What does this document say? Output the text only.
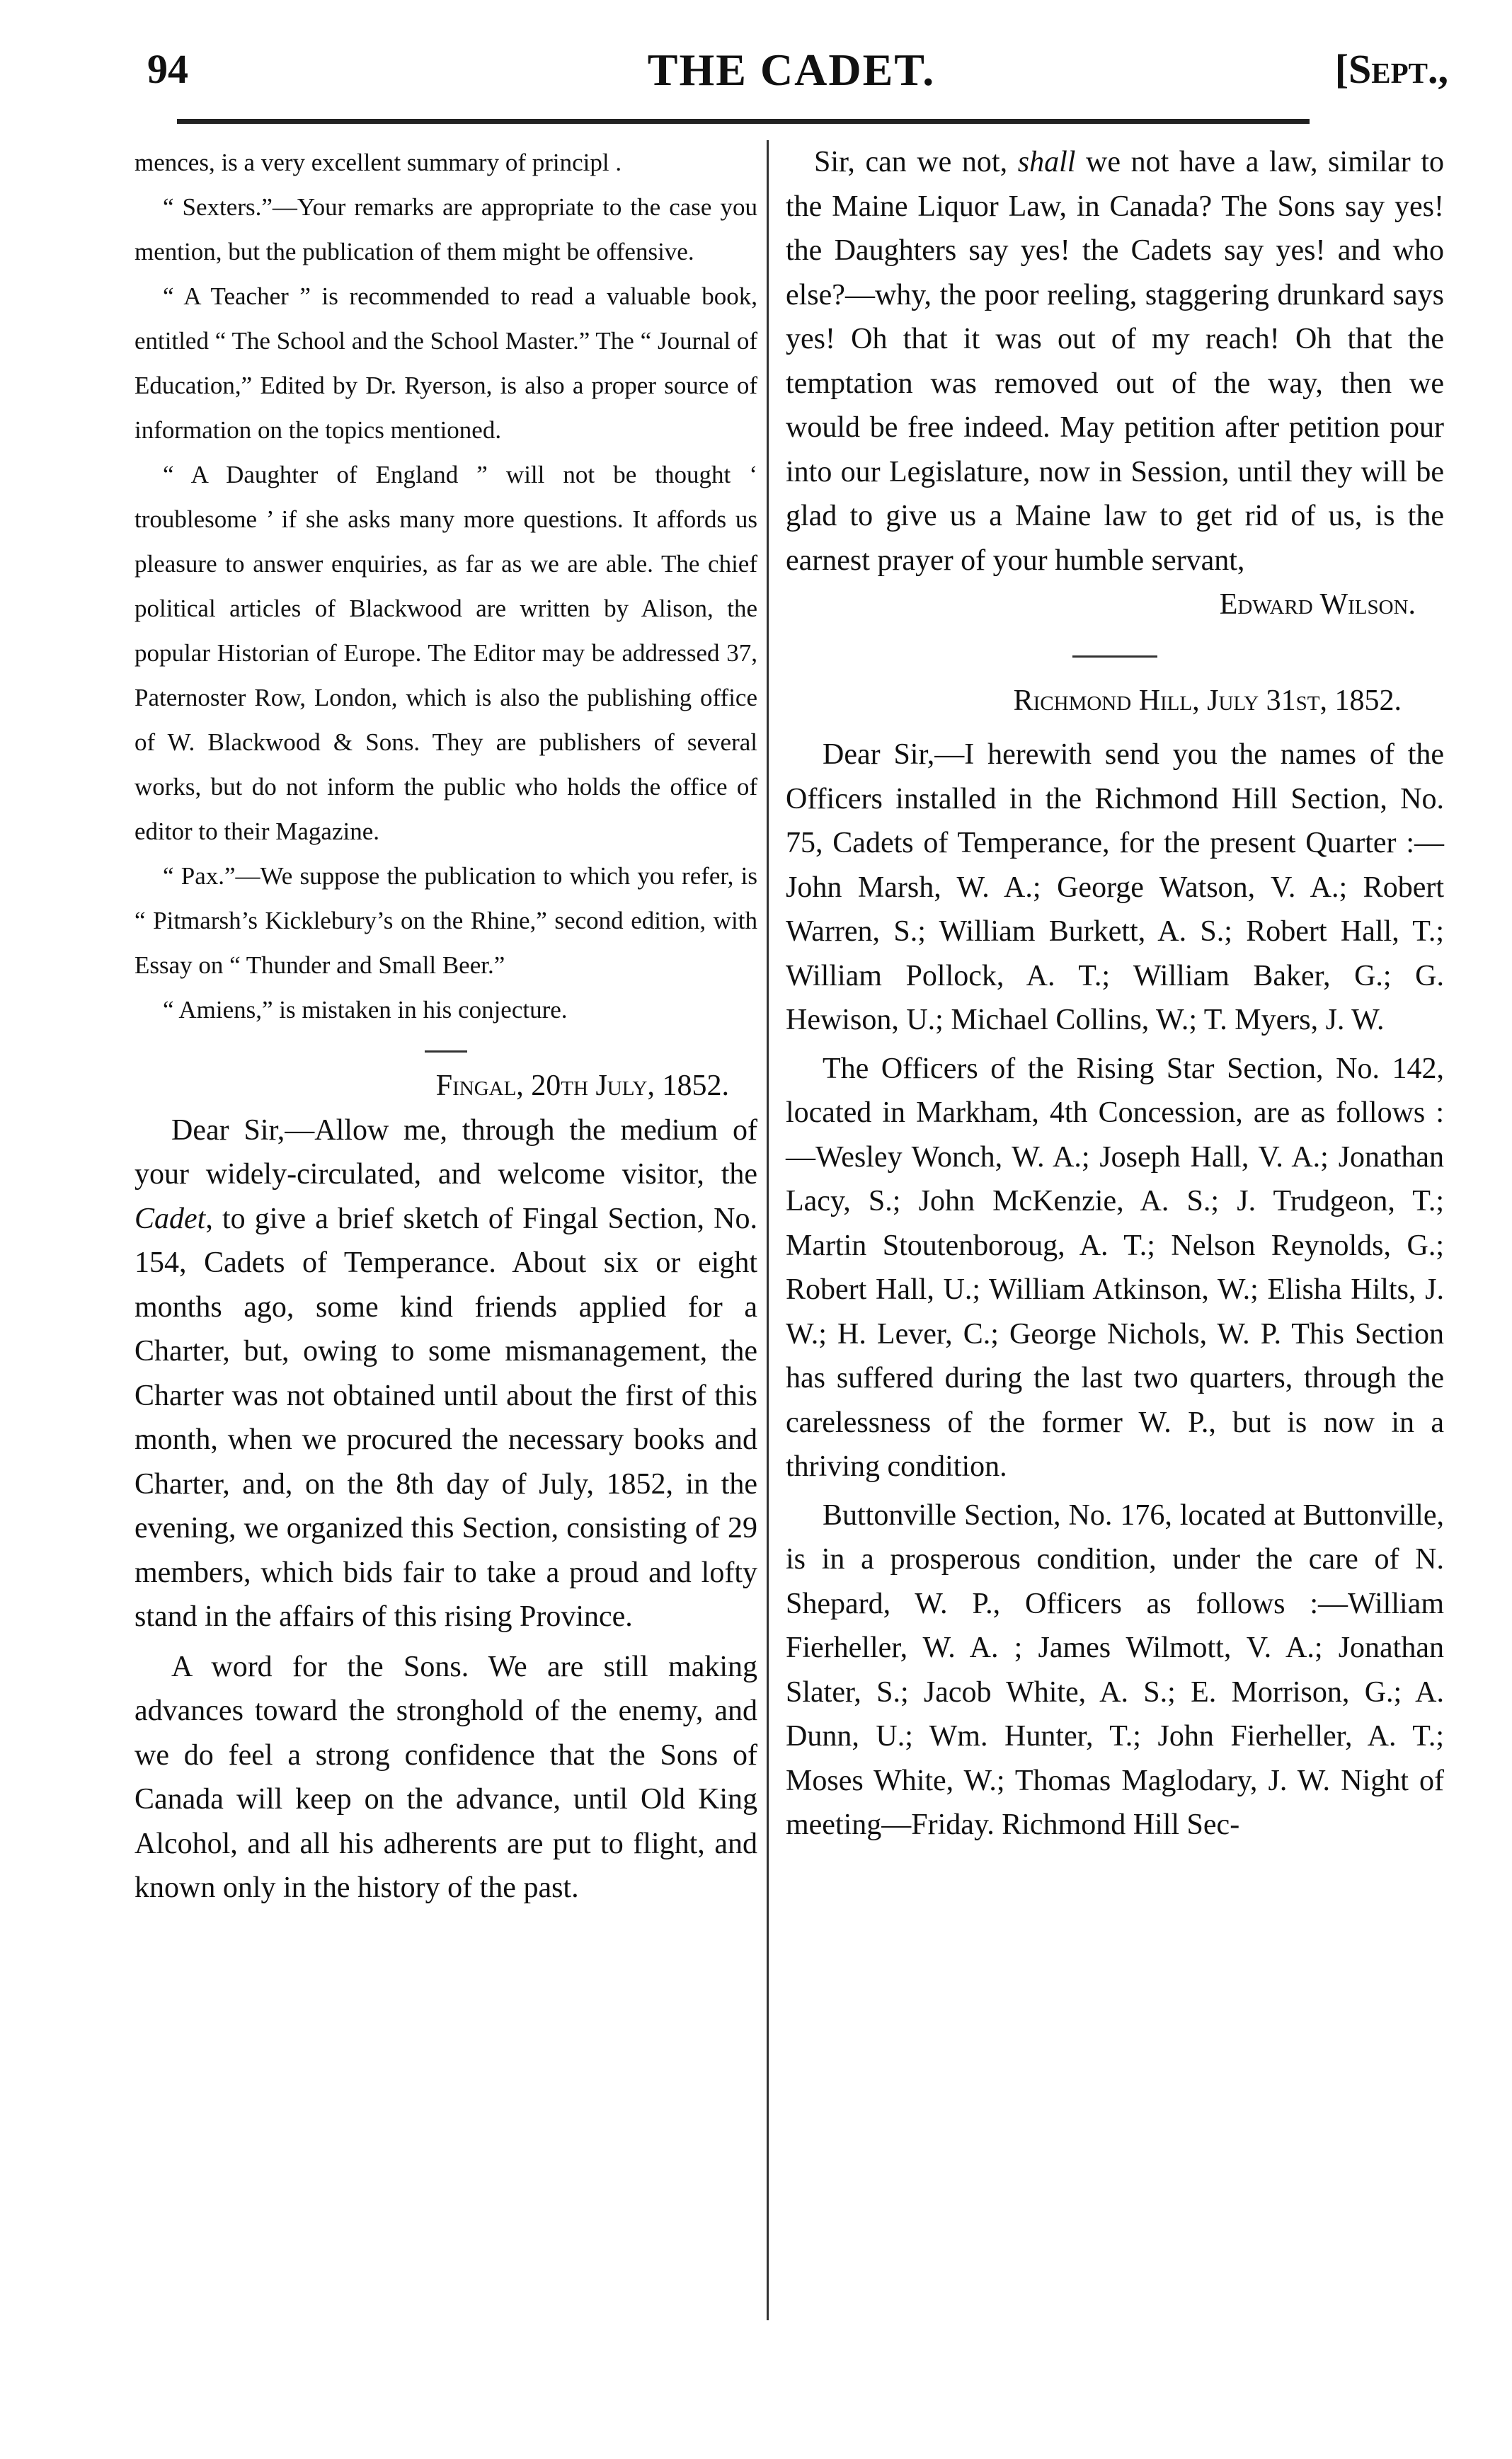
94	THE CADET.	[Sept.,

mences, is a very excellent summary of principl .

“ Sexters.”—Your remarks are appropriate to the case you mention, but the publication of them might be offensive.

“ A Teacher ” is recommended to read a valuable book, entitled “ The School and the School Master.” The “ Journal of Education,” Edited by Dr. Ryerson, is also a proper source of information on the topics mentioned.

“ A Daughter of England ” will not be thought ‘ troublesome ’ if she asks many more questions. It affords us pleasure to answer enquiries, as far as we are able. The chief political articles of Blackwood are written by Alison, the popular Historian of Europe. The Editor may be addressed 37, Paternoster Row, London, which is also the publishing office of W. Blackwood & Sons. They are publishers of several works, but do not inform the public who holds the office of editor to their Magazine.

“ Pax.”—We suppose the publication to which you refer, is “ Pitmarsh’s Kicklebury’s on the Rhine,” second edition, with Essay on “ Thunder and Small Beer.”

“ Amiens,” is mistaken in his conjecture.

Fingal, 20th July, 1852.

Dear Sir,—Allow me, through the medium of your widely-circulated, and welcome visitor, the Cadet, to give a brief sketch of Fingal Section, No. 154, Cadets of Temperance. About six or eight months ago, some kind friends applied for a Charter, but, owing to some mismanagement, the Charter was not obtained until about the first of this month, when we procured the necessary books and Charter, and, on the 8th day of July, 1852, in the evening, we organized this Section, consisting of 29 members, which bids fair to take a proud and lofty stand in the affairs of this rising Province.

A word for the Sons. We are still making advances toward the stronghold of the enemy, and we do feel a strong confidence that the Sons of Canada will keep on the advance, until Old King Alcohol, and all his adherents are put to flight, and known only in the history of the past.

Sir, can we not, shall we not have a law, similar to the Maine Liquor Law, in Canada? The Sons say yes! the Daughters say yes! the Cadets say yes! and who else?—why, the poor reeling, staggering drunkard says yes! Oh that it was out of my reach! Oh that the temptation was removed out of the way, then we would be free indeed. May petition after petition pour into our Legislature, now in Session, until they will be glad to give us a Maine law to get rid of us, is the earnest prayer of your humble servant,

Edward Wilson.

Richmond Hill, July 31st, 1852.

Dear Sir,—I herewith send you the names of the Officers installed in the Richmond Hill Section, No. 75, Cadets of Temperance, for the present Quarter :— John Marsh, W. A.; George Watson, V. A.; Robert Warren, S.; William Burkett, A. S.; Robert Hall, T.; William Pollock, A. T.; William Baker, G.; G. Hewison, U.; Michael Collins, W.; T. Myers, J. W.

The Officers of the Rising Star Section, No. 142, located in Markham, 4th Concession, are as follows :—Wesley Wonch, W. A.; Joseph Hall, V. A.; Jonathan Lacy, S.; John McKenzie, A. S.; J. Trudgeon, T.; Martin Stoutenboroug, A. T.; Nelson Reynolds, G.; Robert Hall, U.; William Atkinson, W.; Elisha Hilts, J. W.; H. Lever, C.; George Nichols, W. P. This Section has suffered during the last two quarters, through the carelessness of the former W. P., but is now in a thriving condition.

Buttonville Section, No. 176, located at Buttonville, is in a prosperous condition, under the care of N. Shepard, W. P., Officers as follows :—William Fierheller, W. A. ; James Wilmott, V. A.; Jonathan Slater, S.; Jacob White, A. S.; E. Morrison, G.; A. Dunn, U.; Wm. Hunter, T.; John Fierheller, A. T.; Moses White, W.; Thomas Maglodary, J. W. Night of meeting—Friday. Richmond Hill Sec-
